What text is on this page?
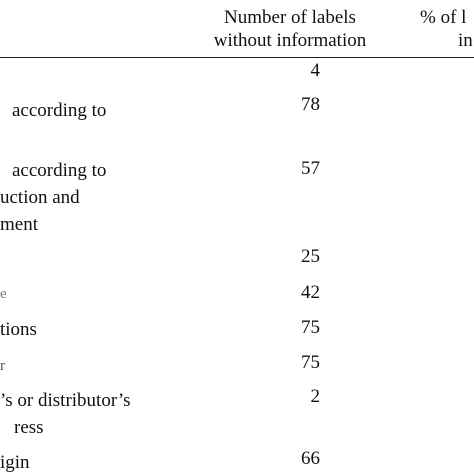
Number of labels
without information
% of l
in
according to
according to
uction and
ment
e
tions
r
’s or distributor’s
ress
igin
4
78
57
25
42
75
75
2
66
